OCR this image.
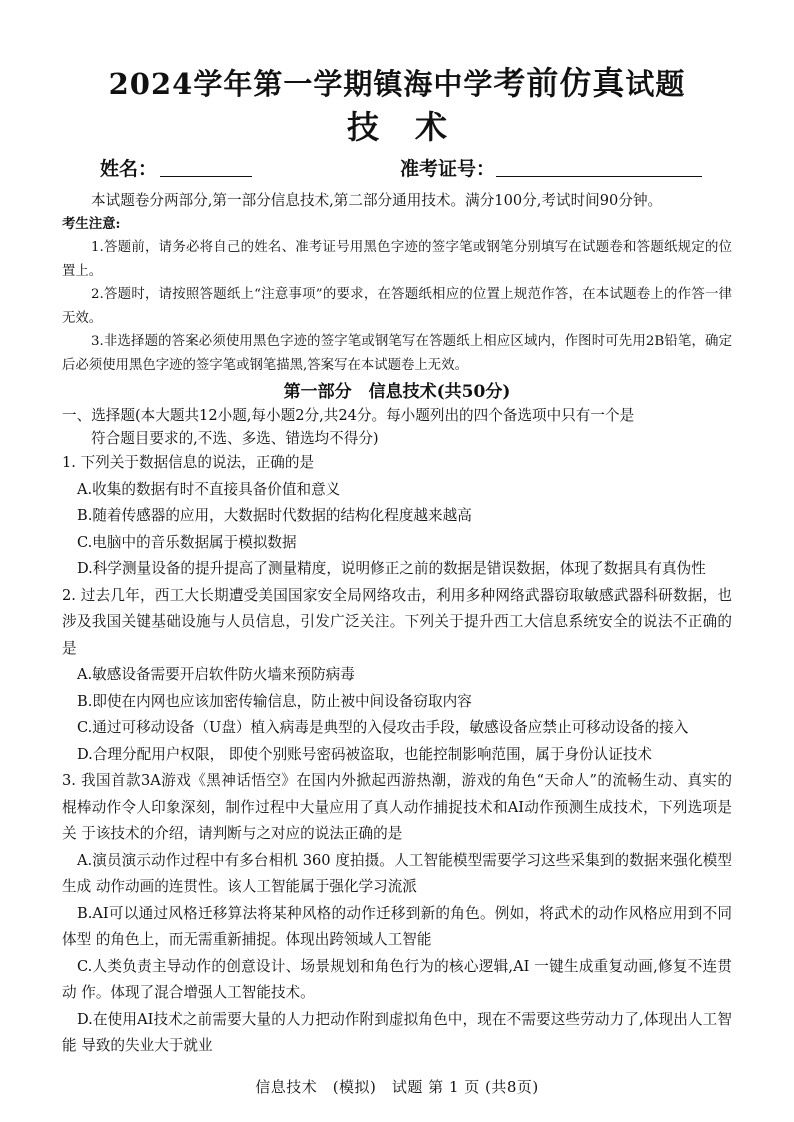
2024学年第一学期镇海中学考前仿真试题
技术
姓名：	准考证号：

本试题卷分两部分,第一部分信息技术,第二部分通用技术。满分100分,考试时间90分钟。

考生注意:

1.答题前，请务必将自己的姓名、准考证号用黑色字迹的签字笔或钢笔分别填写在试题卷和答题纸规定的位置上。

2.答题时，请按照答题纸上“注意事项”的要求，在答题纸相应的位置上规范作答，在本试题卷上的作答一律无效。

3.非选择题的答案必须使用黑色字迹的签字笔或钢笔写在答题纸上相应区域内，作图时可先用2B铅笔，确定后必须使用黑色字迹的签字笔或钢笔描黑,答案写在本试题卷上无效。

第一部分　信息技术(共50分)

一、选择题(本大题共12小题,每小题2分,共24分。每小题列出的四个备选项中只有一个是
符合题目要求的,不选、多选、错选均不得分)

1. 下列关于数据信息的说法，正确的是

A.收集的数据有时不直接具备价值和意义

B.随着传感器的应用，大数据时代数据的结构化程度越来越高

C.电脑中的音乐数据属于模拟数据

D.科学测量设备的提升提高了测量精度，说明修正之前的数据是错误数据，体现了数据具有真伪性

2. 过去几年，西工大长期遭受美国国家安全局网络攻击，利用多种网络武器窃取敏感武器科研数据，也涉及我国关键基础设施与人员信息，引发广泛关注。下列关于提升西工大信息系统安全的说法不正确的是

A.敏感设备需要开启软件防火墙来预防病毒

B.即使在内网也应该加密传输信息，防止被中间设备窃取内容

C.通过可移动设备（U盘）植入病毒是典型的入侵攻击手段，敏感设备应禁止可移动设备的接入

D.合理分配用户权限， 即使个别账号密码被盗取，也能控制影响范围，属于身份认证技术

3. 我国首款3A游戏《黑神话悟空》在国内外掀起西游热潮，游戏的角色“天命人”的流畅生动、真实的 棍棒动作令人印象深刻，制作过程中大量应用了真人动作捕捉技术和AI动作预测生成技术，下列选项是关 于该技术的介绍，请判断与之对应的说法正确的是

A.演员演示动作过程中有多台相机 360 度拍摄。人工智能模型需要学习这些采集到的数据来强化模型生成 动作动画的连贯性。该人工智能属于强化学习流派

B.AI可以通过风格迁移算法将某种风格的动作迁移到新的角色。例如，将武术的动作风格应用到不同体型 的角色上，而无需重新捕捉。体现出跨领域人工智能

C.人类负责主导动作的创意设计、场景规划和角色行为的核心逻辑,AI 一键生成重复动画,修复不连贯动 作。体现了混合增强人工智能技术。

D.在使用AI技术之前需要大量的人力把动作附到虚拟角色中，现在不需要这些劳动力了,体现出人工智能 导致的失业大于就业

信息技术　(模拟)　试题 第 1 页 (共8页)
